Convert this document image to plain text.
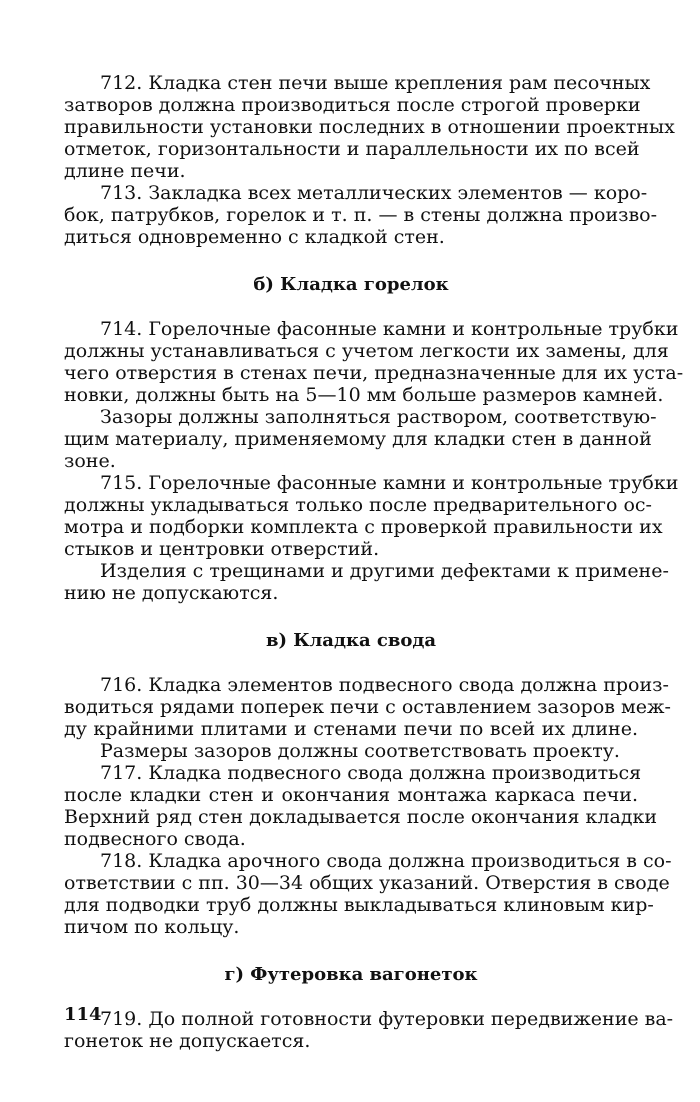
712. Кладка стен печи выше крепления рам песочных
затворов должна производиться после строгой проверки
правильности установки последних в отношении проектных
отметок, горизонтальности и параллельности их по всей
длине печи.
713. Закладка всех металлических элементов — коро-
бок, патрубков, горелок и т. п. — в стены должна произво-
диться одновременно с кладкой стен.
б) Кладка горелок
714. Горелочные фасонные камни и контрольные трубки
должны устанавливаться с учетом легкости их замены, для
чего отверстия в стенах печи, предназначенные для их уста-
новки, должны быть на 5—10 мм больше размеров камней.
Зазоры должны заполняться раствором, соответствую-
щим материалу, применяемому для кладки стен в данной
зоне.
715. Горелочные фасонные камни и контрольные трубки
должны укладываться только после предварительного ос-
мотра и подборки комплекта с проверкой правильности их
стыков и центровки отверстий.
Изделия с трещинами и другими дефектами к примене-
нию не допускаются.
в) Кладка свода
716. Кладка элементов подвесного свода должна произ-
водиться рядами поперек печи с оставлением зазоров меж-
ду крайними плитами и стенами печи по всей их длине.
Размеры зазоров должны соответствовать проекту.
717. Кладка подвесного свода должна производиться
после кладки стен и окончания монтажа каркаса печи.
Верхний ряд стен докладывается после окончания кладки
подвесного свода.
718. Кладка арочного свода должна производиться в со-
ответствии с пп. 30—34 общих указаний. Отверстия в своде
для подводки труб должны выкладываться клиновым кир-
пичом по кольцу.
г) Футеровка вагонеток
719. До полной готовности футеровки передвижение ва-
гонеток не допускается.
114
